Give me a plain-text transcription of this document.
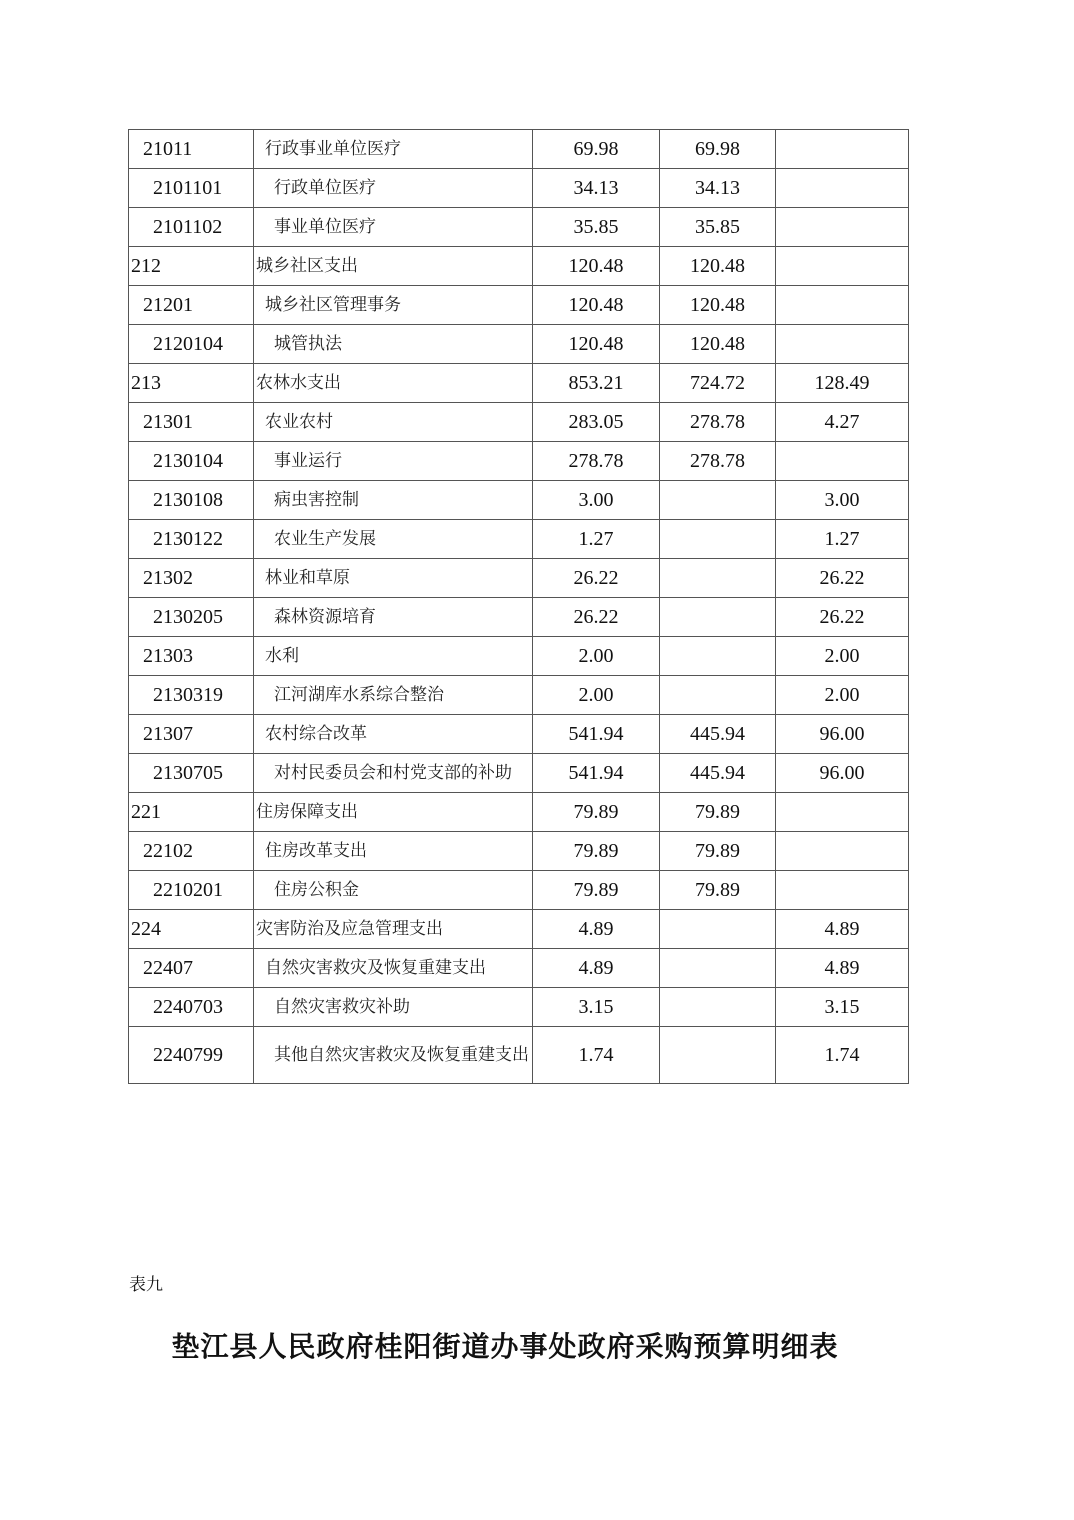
21011	行政事业单位医疗	69.98	69.98	
2101101	行政单位医疗	34.13	34.13	
2101102	事业单位医疗	35.85	35.85	
212	城乡社区支出	120.48	120.48	
21201	城乡社区管理事务	120.48	120.48	
2120104	城管执法	120.48	120.48	
213	农林水支出	853.21	724.72	128.49
21301	农业农村	283.05	278.78	4.27
2130104	事业运行	278.78	278.78	
2130108	病虫害控制	3.00		3.00
2130122	农业生产发展	1.27		1.27
21302	林业和草原	26.22		26.22
2130205	森林资源培育	26.22		26.22
21303	水利	2.00		2.00
2130319	江河湖库水系综合整治	2.00		2.00
21307	农村综合改革	541.94	445.94	96.00
2130705	对村民委员会和村党支部的补助	541.94	445.94	96.00
221	住房保障支出	79.89	79.89	
22102	住房改革支出	79.89	79.89	
2210201	住房公积金	79.89	79.89	
224	灾害防治及应急管理支出	4.89		4.89
22407	自然灾害救灾及恢复重建支出	4.89		4.89
2240703	自然灾害救灾补助	3.15		3.15
2240799	其他自然灾害救灾及恢复重建支出	1.74		1.74
表九
垫江县人民政府桂阳街道办事处政府采购预算明细表
